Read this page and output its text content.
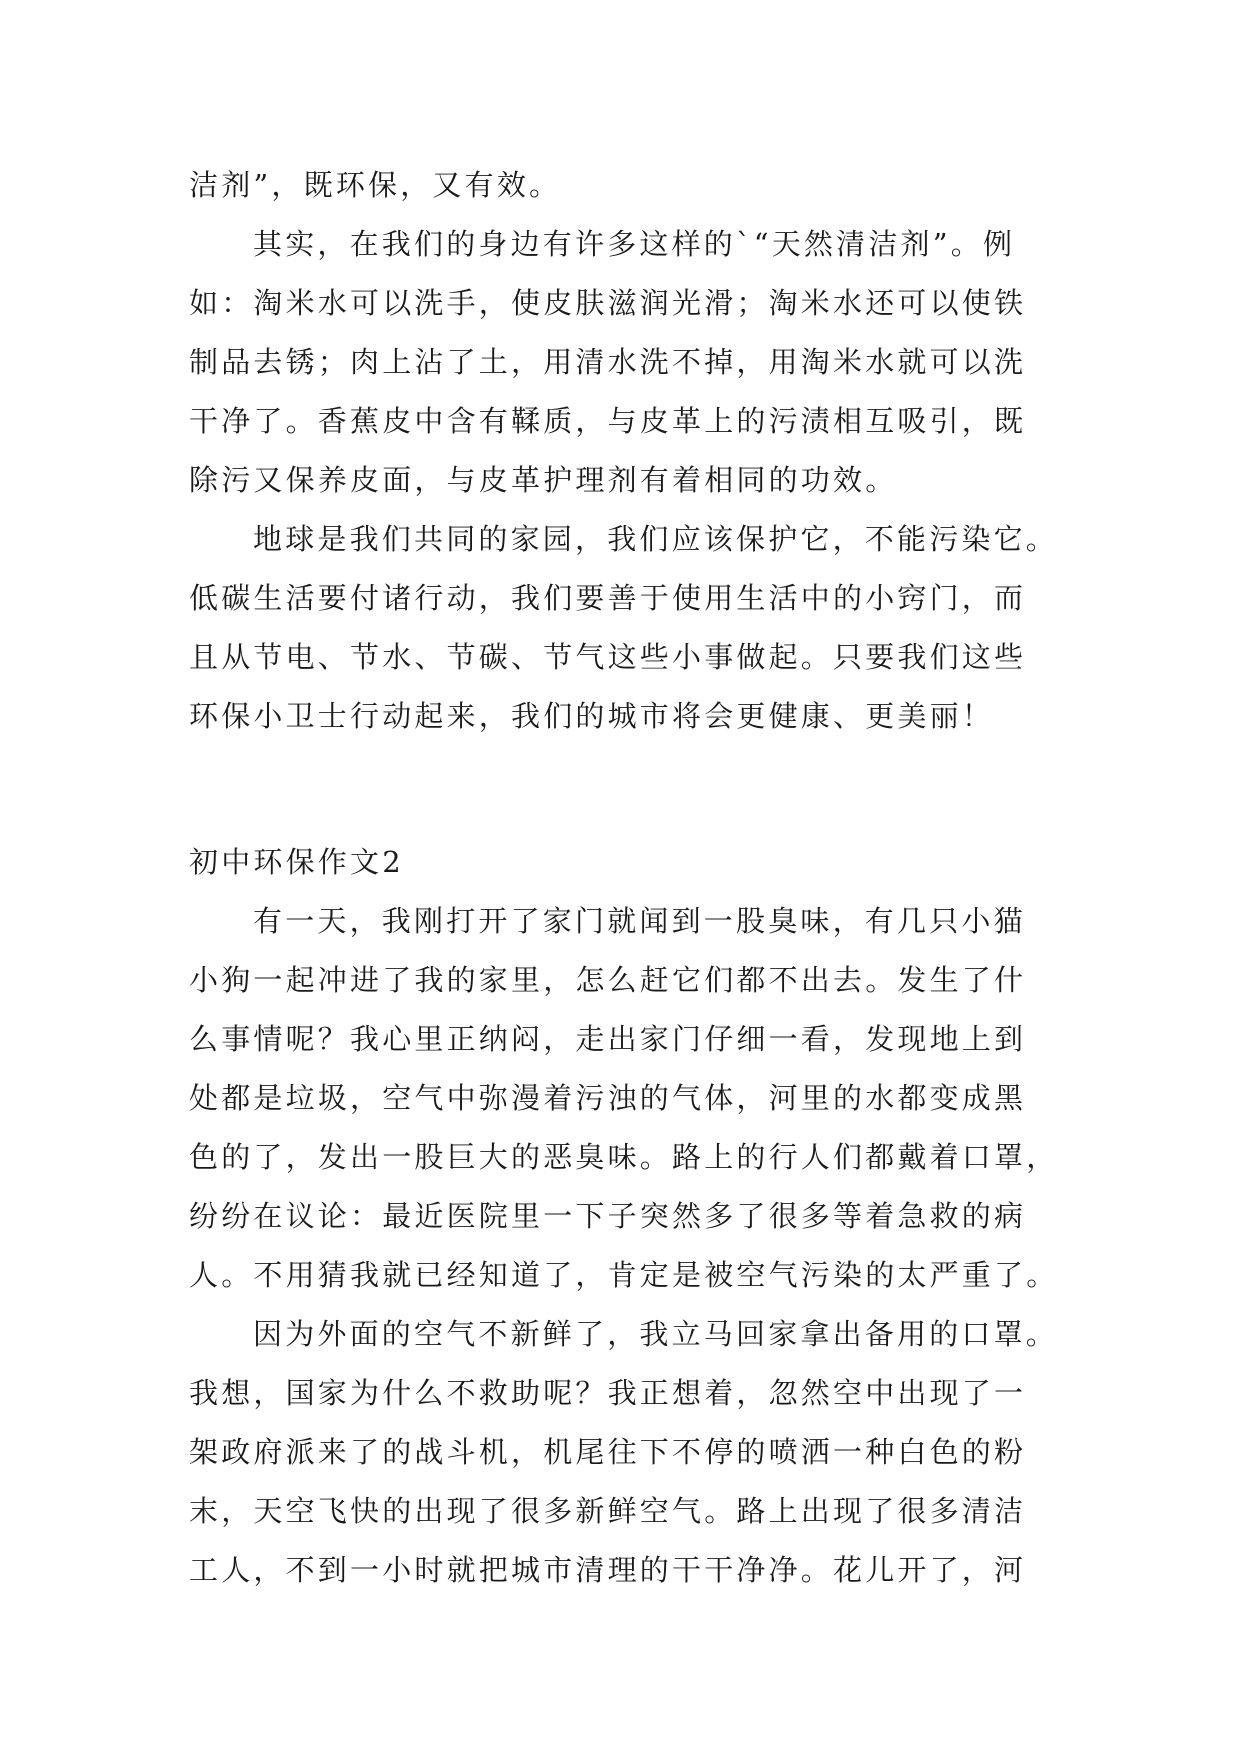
洁剂”，既环保，又有效。
其实，在我们的身边有许多这样的`“天然清洁剂”。例
如：淘米水可以洗手，使皮肤滋润光滑；淘米水还可以使铁
制品去锈；肉上沾了土，用清水洗不掉，用淘米水就可以洗
干净了。香蕉皮中含有鞣质，与皮革上的污渍相互吸引，既
除污又保养皮面，与皮革护理剂有着相同的功效。
地球是我们共同的家园，我们应该保护它，不能污染它。
低碳生活要付诸行动，我们要善于使用生活中的小窍门，而
且从节电、节水、节碳、节气这些小事做起。只要我们这些
环保小卫士行动起来，我们的城市将会更健康、更美丽！
初中环保作文2
有一天，我刚打开了家门就闻到一股臭味，有几只小猫
小狗一起冲进了我的家里，怎么赶它们都不出去。发生了什
么事情呢？我心里正纳闷，走出家门仔细一看，发现地上到
处都是垃圾，空气中弥漫着污浊的气体，河里的水都变成黑
色的了，发出一股巨大的恶臭味。路上的行人们都戴着口罩，
纷纷在议论：最近医院里一下子突然多了很多等着急救的病
人。不用猜我就已经知道了，肯定是被空气污染的太严重了。
因为外面的空气不新鲜了，我立马回家拿出备用的口罩。
我想，国家为什么不救助呢？我正想着，忽然空中出现了一
架政府派来了的战斗机，机尾往下不停的喷洒一种白色的粉
末，天空飞快的出现了很多新鲜空气。路上出现了很多清洁
工人，不到一小时就把城市清理的干干净净。花儿开了，河
